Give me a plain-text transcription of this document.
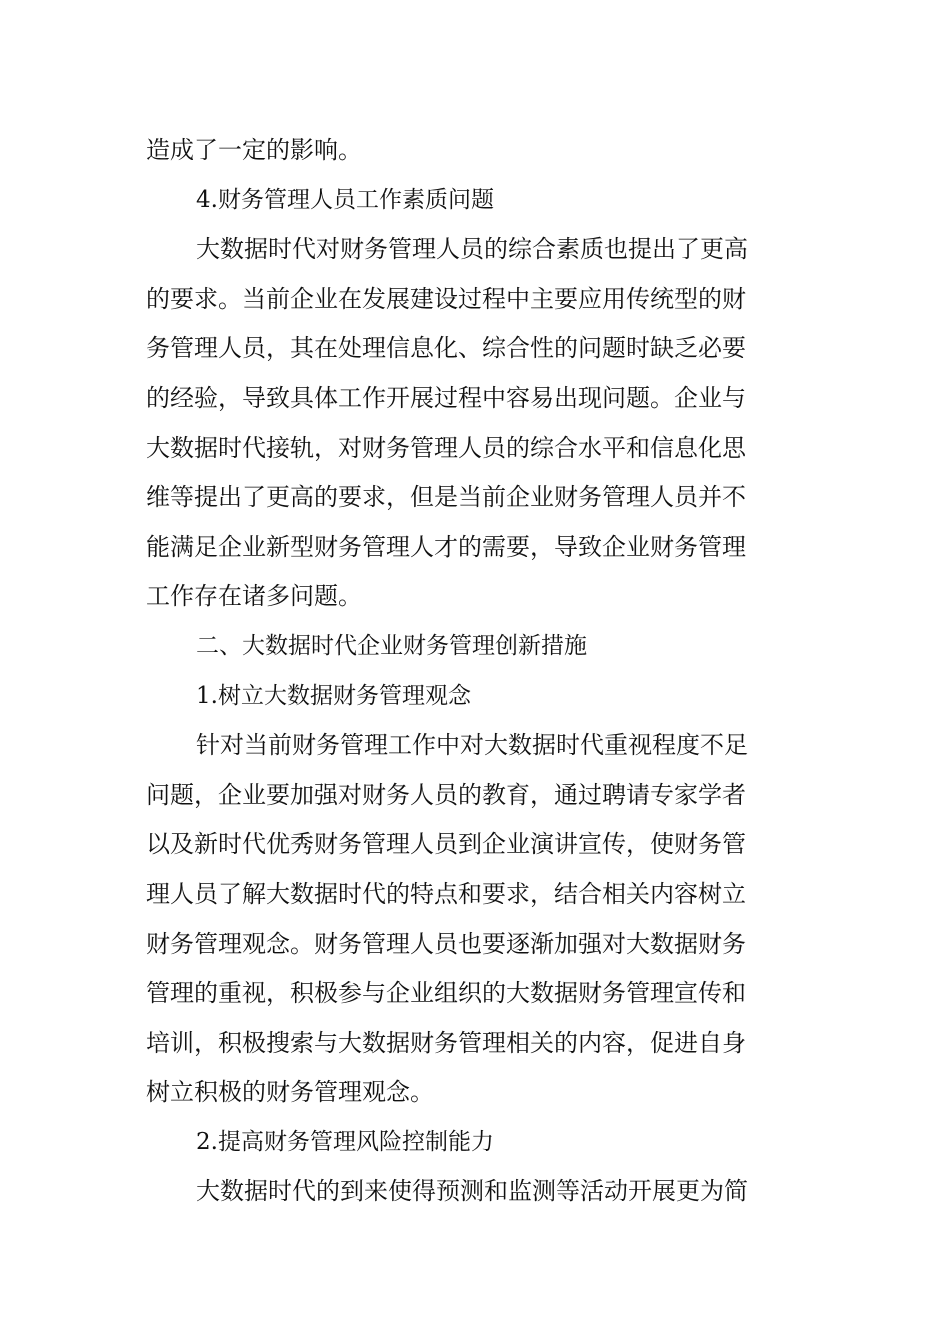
造成了一定的影响。
4.财务管理人员工作素质问题
大数据时代对财务管理人员的综合素质也提出了更高
的要求。当前企业在发展建设过程中主要应用传统型的财
务管理人员，其在处理信息化、综合性的问题时缺乏必要
的经验，导致具体工作开展过程中容易出现问题。企业与
大数据时代接轨，对财务管理人员的综合水平和信息化思
维等提出了更高的要求，但是当前企业财务管理人员并不
能满足企业新型财务管理人才的需要，导致企业财务管理
工作存在诸多问题。
二、大数据时代企业财务管理创新措施
1.树立大数据财务管理观念
针对当前财务管理工作中对大数据时代重视程度不足
问题，企业要加强对财务人员的教育，通过聘请专家学者
以及新时代优秀财务管理人员到企业演讲宣传，使财务管
理人员了解大数据时代的特点和要求，结合相关内容树立
财务管理观念。财务管理人员也要逐渐加强对大数据财务
管理的重视，积极参与企业组织的大数据财务管理宣传和
培训，积极搜索与大数据财务管理相关的内容，促进自身
树立积极的财务管理观念。
2.提高财务管理风险控制能力
大数据时代的到来使得预测和监测等活动开展更为简
